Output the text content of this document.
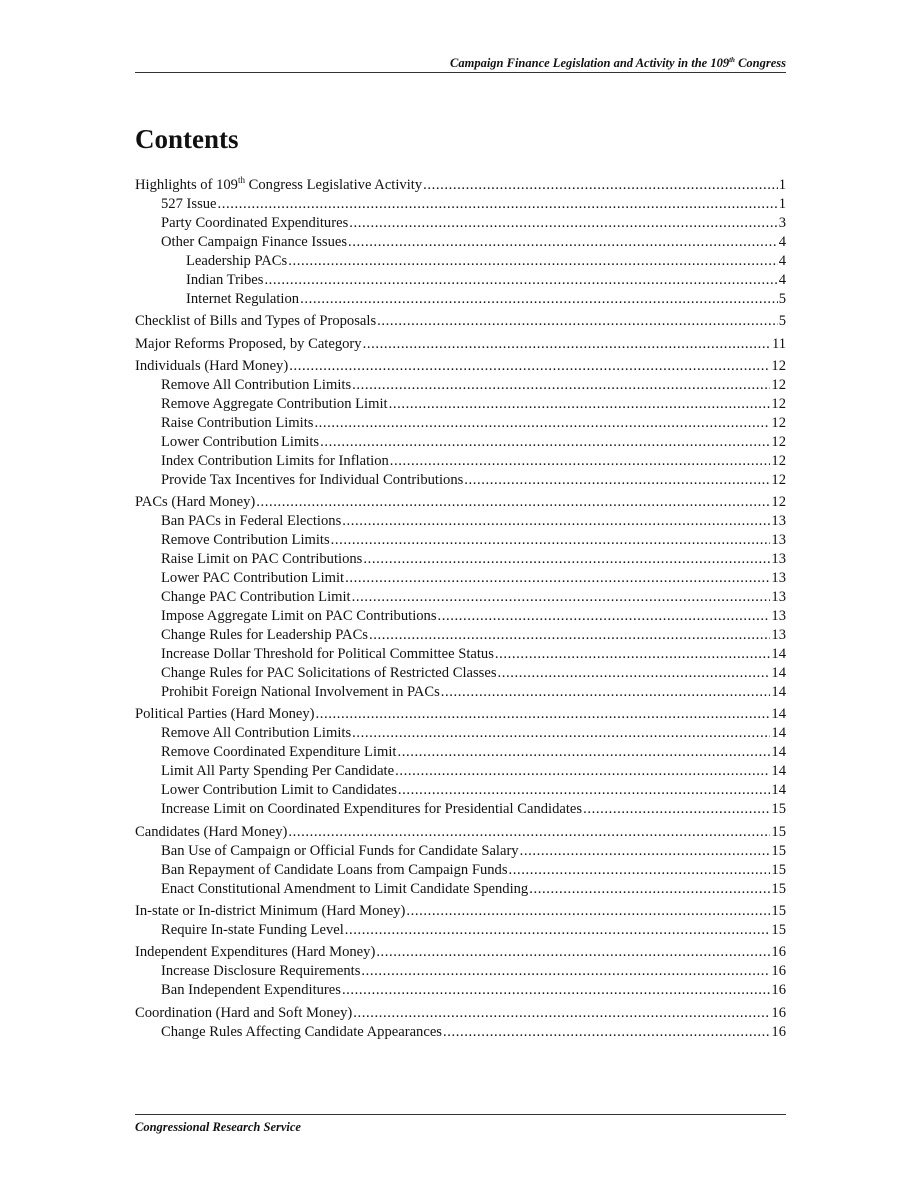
Campaign Finance Legislation and Activity in the 109th Congress
Contents
Highlights of 109th Congress Legislative Activity .....	1
527 Issue .....	1
Party Coordinated Expenditures .....	3
Other Campaign Finance Issues .....	4
Leadership PACs .....	4
Indian Tribes .....	4
Internet Regulation .....	5
Checklist of Bills and Types of Proposals .....	5
Major Reforms Proposed, by Category .....	11
Individuals (Hard Money) .....	12
Remove All Contribution Limits .....	12
Remove Aggregate Contribution Limit .....	12
Raise Contribution Limits .....	12
Lower Contribution Limits .....	12
Index Contribution Limits for Inflation .....	12
Provide Tax Incentives for Individual Contributions .....	12
PACs (Hard Money) .....	12
Ban PACs in Federal Elections .....	13
Remove Contribution Limits .....	13
Raise Limit on PAC Contributions .....	13
Lower PAC Contribution Limit .....	13
Change PAC Contribution Limit .....	13
Impose Aggregate Limit on PAC Contributions .....	13
Change Rules for Leadership PACs .....	13
Increase Dollar Threshold for Political Committee Status .....	14
Change Rules for PAC Solicitations of Restricted Classes .....	14
Prohibit Foreign National Involvement in PACs .....	14
Political Parties (Hard Money) .....	14
Remove All Contribution Limits .....	14
Remove Coordinated Expenditure Limit .....	14
Limit All Party Spending Per Candidate .....	14
Lower Contribution Limit to Candidates .....	14
Increase Limit on Coordinated Expenditures for Presidential Candidates .....	15
Candidates (Hard Money) .....	15
Ban Use of Campaign or Official Funds for Candidate Salary .....	15
Ban Repayment of Candidate Loans from Campaign Funds .....	15
Enact Constitutional Amendment to Limit Candidate Spending .....	15
In-state or In-district Minimum (Hard Money) .....	15
Require In-state Funding Level .....	15
Independent Expenditures (Hard Money) .....	16
Increase Disclosure Requirements .....	16
Ban Independent Expenditures .....	16
Coordination (Hard and Soft Money) .....	16
Change Rules Affecting Candidate Appearances .....	16
Congressional Research Service
